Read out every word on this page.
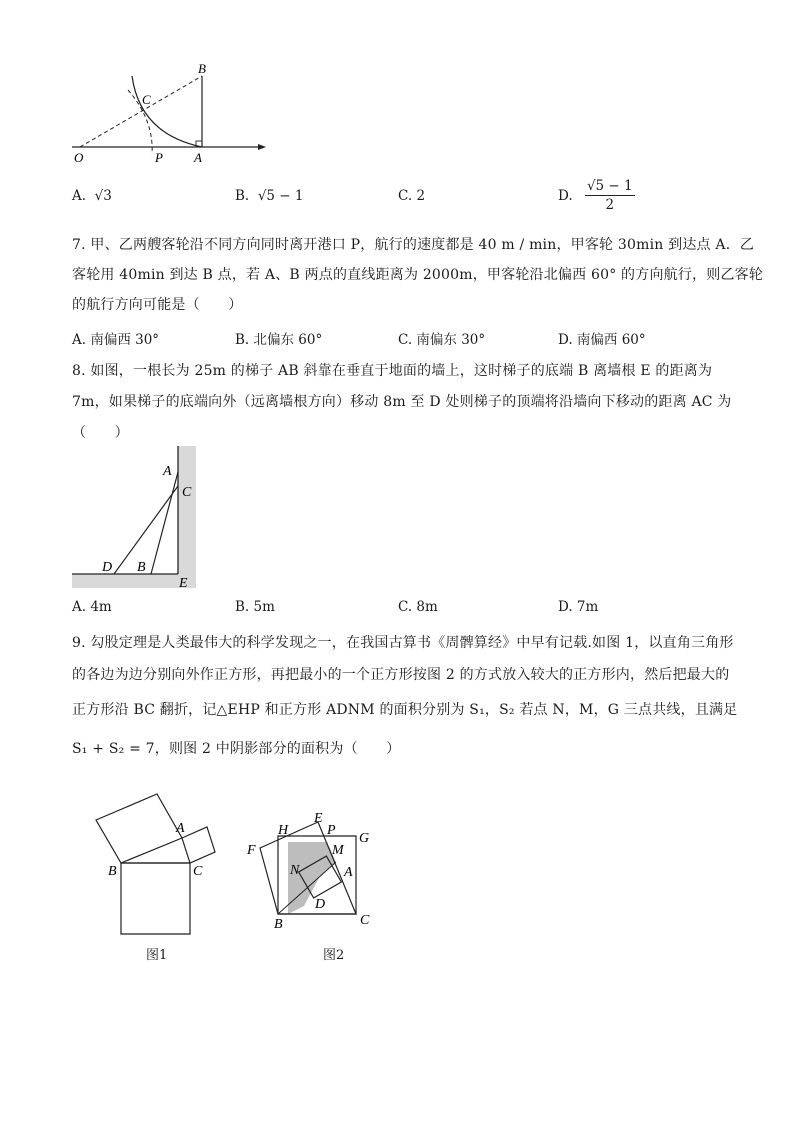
O	P A
B
C
A. √3	B. √5 − 1	C. 2	D. $\frac{√5 - 1}{2}$
7. 甲、乙两艘客轮沿不同方向同时离开港口 P，航行的速度都是 40 m / min，甲客轮 30min 到达点 A．乙
客轮用 40min 到达 B 点，若 A、B 两点的直线距离为 2000m，甲客轮沿北偏西 60° 的方向航行，则乙客轮
的航行方向可能是（　　）
A. 南偏西 30°	B. 北偏东 60°	C. 南偏东 30°	D. 南偏西 60°
8. 如图，一根长为 25m 的梯子 AB 斜靠在垂直于地面的墙上，这时梯子的底端 B 离墙根 E 的距离为
7m，如果梯子的底端向外（远离墙根方向）移动 8m 至 D 处则梯子的顶端将沿墙向下移动的距离 AC 为
（　　）
A
C
D B
E
A. 4m	B. 5m	C. 8m	D. 7m
9. 勾股定理是人类最伟大的科学发现之一，在我国古算书《周髀算经》中早有记载.如图 1，以直角三角形
的各边为边分别向外作正方形，再把最小的一个正方形按图 2 的方式放入较大的正方形内，然后把最大的
正方形沿 BC 翻折，记△EHP 和正方形 ADNM 的面积分别为 S₁，S₂ 若点 N，M，G 三点共线，且满足
S₁ + S₂ = 7，则图 2 中阴影部分的面积为（　　）
A
B	C
图1
H
E
P
G
F	M
N	A
B
D
C
图2
